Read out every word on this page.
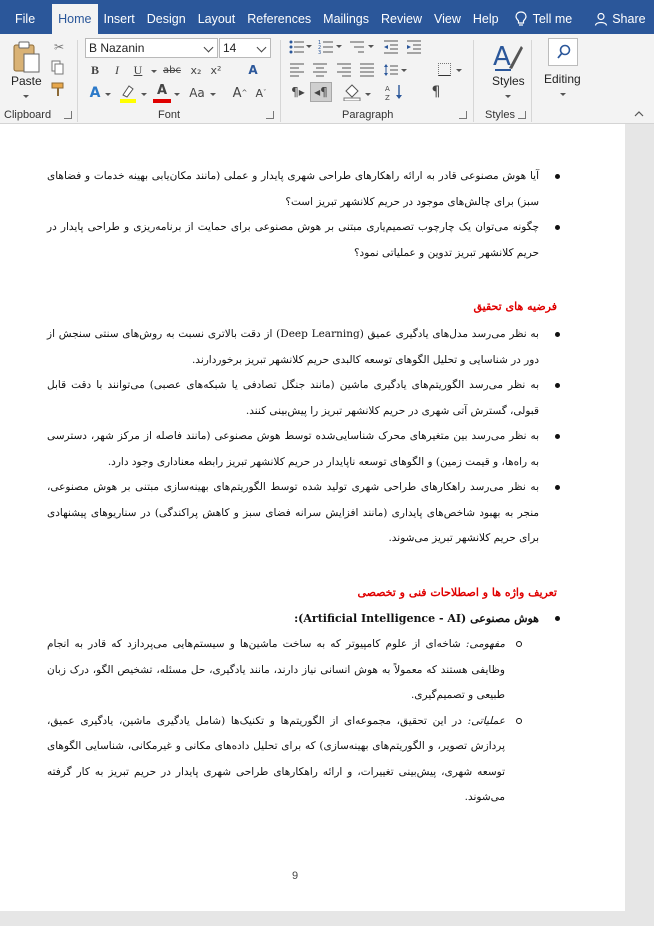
File	Home Insert Design Layout References Mailings Review View Help	Tell me	Share
Paste
✂
Clipboard
B Nazanin	14
B	I	U abc x₂ x²	A
A	A	Aa A ^ A ˇ
Font
1
2
3
¶▸ ◂¶	A
Z	¶
Paragraph
A
Styles
Styles
Editing
آیا هوش مصنوعی قادر به ارائه راهکارهای طراحی شهری پایدار و عملی (مانند مکان‌یابی بهینه خدمات و فضاهای سبز) برای چالش‌های موجود در حریم کلانشهر تبریز است؟
چگونه می‌توان یک چارچوب تصمیم‌یاری مبتنی بر هوش مصنوعی برای حمایت از برنامه‌ریزی و طراحی پایدار در حریم کلانشهر تبریز تدوین و عملیاتی نمود؟
فرضیه های تحقیق
به نظر می‌رسد مدل‌های یادگیری عمیق (Deep Learning) از دقت بالاتری نسبت به روش‌های سنتی سنجش از دور در شناسایی و تحلیل الگوهای توسعه کالبدی حریم کلانشهر تبریز برخوردارند.
به نظر می‌رسد الگوریتم‌های یادگیری ماشین (مانند جنگل تصادفی یا شبکه‌های عصبی) می‌توانند با دقت قابل قبولی، گسترش آتی شهری در حریم کلانشهر تبریز را پیش‌بینی کنند.
به نظر می‌رسد بین متغیرهای محرک شناسایی‌شده توسط هوش مصنوعی (مانند فاصله از مرکز شهر، دسترسی به راه‌ها، و قیمت زمین) و الگوهای توسعه ناپایدار در حریم کلانشهر تبریز رابطه معناداری وجود دارد.
به نظر می‌رسد راهکارهای طراحی شهری تولید شده توسط الگوریتم‌های بهینه‌سازی مبتنی بر هوش مصنوعی، منجر به بهبود شاخص‌های پایداری (مانند افزایش سرانه فضای سبز و کاهش پراکندگی) در سناریوهای پیشنهادی برای حریم کلانشهر تبریز می‌شوند.
تعریف واژه ها و اصطلاحات فنی و تخصصی
هوش مصنوعی (Artificial Intelligence - AI):
مفهومی: شاخه‌ای از علوم کامپیوتر که به ساخت ماشین‌ها و سیستم‌هایی می‌پردازد که قادر به انجام وظایفی هستند که معمولاً به هوش انسانی نیاز دارند، مانند یادگیری، حل مسئله، تشخیص الگو، درک زبان طبیعی و تصمیم‌گیری.
عملیاتی: در این تحقیق، مجموعه‌ای از الگوریتم‌ها و تکنیک‌ها (شامل یادگیری ماشین، یادگیری عمیق، پردازش تصویر، و الگوریتم‌های بهینه‌سازی) که برای تحلیل داده‌های مکانی و غیرمکانی، شناسایی الگوهای توسعه شهری، پیش‌بینی تغییرات، و ارائه راهکارهای طراحی شهری پایدار در حریم تبریز به کار گرفته می‌شوند.
9
